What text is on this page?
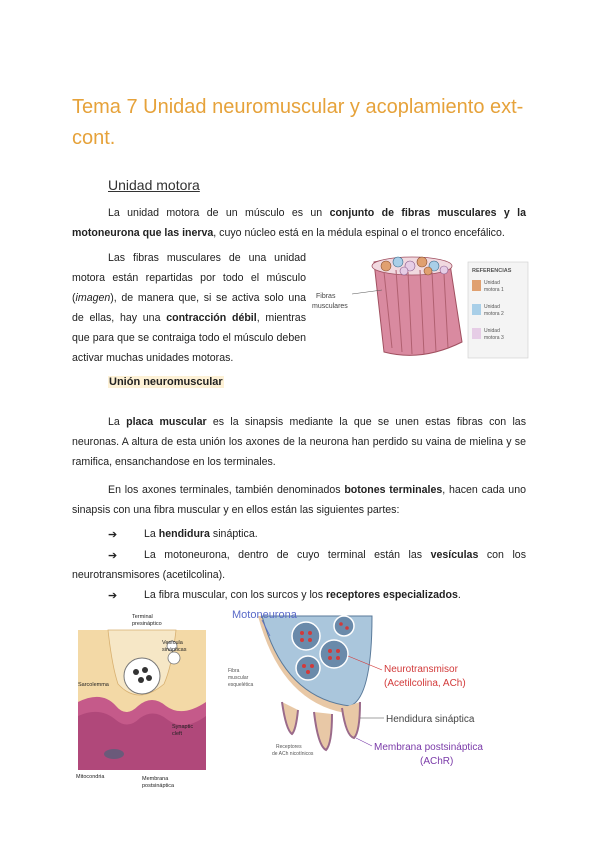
Tema 7 Unidad neuromuscular y acoplamiento ext-cont.
Unidad motora

La unidad motora de un músculo es un conjunto de fibras musculares y la motoneurona que las inerva, cuyo núcleo está en la médula espinal o el tronco encefálico.

Las fibras musculares de una unidad motora están repartidas por todo el músculo (imagen), de manera que, si se activa solo una de ellas, hay una contracción débil, mientras que para que se contraiga todo el músculo deben activar muchas unidades motoras.

Fibras
musculares
REFERENCIAS
Unidad
motora 1
Unidad
motora 2
Unidad
motora 3
Unión neuromuscular

La placa muscular es la sinapsis mediante la que se unen estas fibras con las neuronas. A altura de esta unión los axones de la neurona han perdido su vaina de mielina y se ramifica, ensanchandose en los terminales.

En los axones terminales, también denominados botones terminales, hacen cada uno sinapsis con una fibra muscular y en ellos están las siguientes partes:

➔	La hendidura sináptica.

➔	La motoneurona, dentro de cuyo terminal están las vesículas con los neurotransmisores (acetilcolina).

➔	La fibra muscular, con los surcos y los receptores especializados.

Terminal
presináptico
Vesícula
sinápticas
Sarcolemma
Synaptic
cleft
Mitocondria	Membrana
postsináptica
Motoneurona
Neurotransmisor
(Acetilcolina, ACh)
Hendidura sináptica
Membrana postsináptica
(AChR)
Fibra
muscular
esquelética
Receptores
de ACh nicotínicos
